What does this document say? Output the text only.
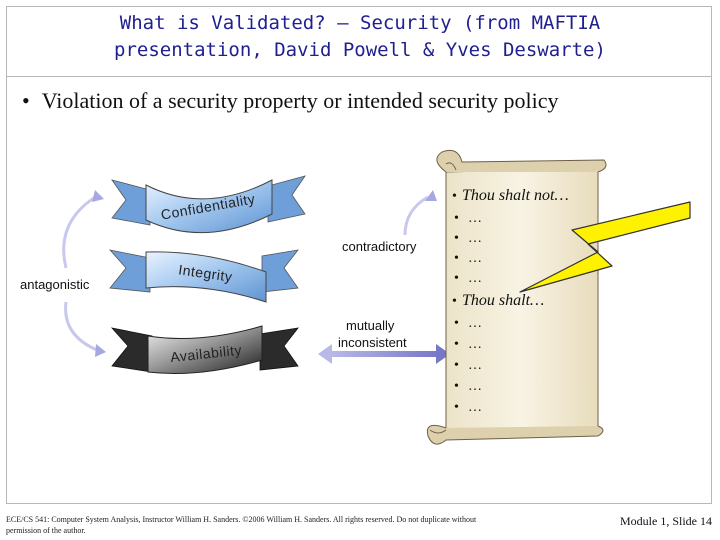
What is Validated? – Security (from MAFTIA
presentation, David Powell & Yves Deswarte)
• Violation of a security property or intended security policy
Confidentiality
Integrity
Availability
antagonistic
contradictory
mutually
inconsistent
• Thou shalt not…
• …
• …
• …
• …
• Thou shalt…
• …
• …
• …
• …
• …
ECE/CS 541: Computer System Analysis, Instructor William H. Sanders. ©2006 William H. Sanders. All rights reserved. Do not duplicate without
permission of the author.
Module 1, Slide 14
